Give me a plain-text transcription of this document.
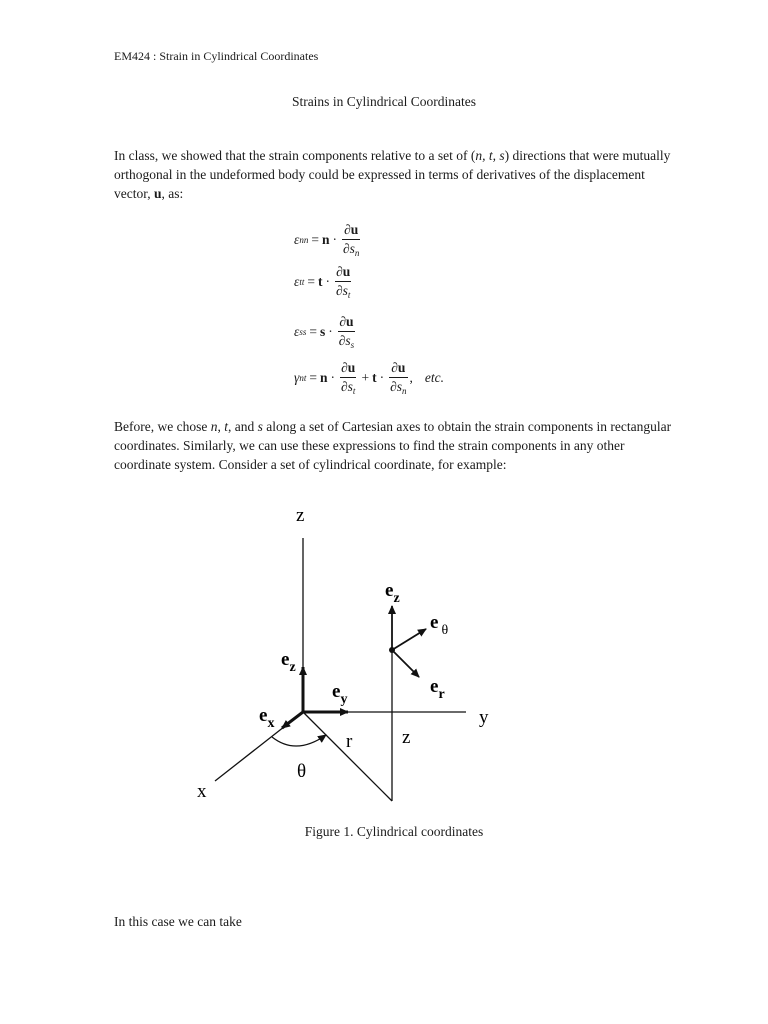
EM424 : Strain in Cylindrical Coordinates
Strains in Cylindrical Coordinates

In class, we showed that the strain components relative to a set of (n, t, s) directions that were mutually orthogonal in the undeformed body could be expressed in terms of derivatives of the displacement vector, u, as:

ε nn = $n \cdot \frac{\partial u}{\partial s_n}$
ε tt = $t \cdot \frac{\partial u}{\partial s_t}$
ε ss = $s \cdot \frac{\partial u}{\partial s_s}$
γ nt = $n \cdot \frac{\partial u}{\partial s_t} + t \cdot \frac{\partial u}{\partial s_n}$ , etc.

Before, we chose n, t, and s along a set of Cartesian axes to obtain the strain components in rectangular coordinates. Similarly, we can use these expressions to find the strain components in any other coordinate system. Consider a set of cylindrical coordinate, for example:

z
y
x
θ
r	z
$e_z$
$e_y$
$e_x$
$e_z$
e $_\theta$
$e_r$
Figure 1. Cylindrical coordinates
In this case we can take
